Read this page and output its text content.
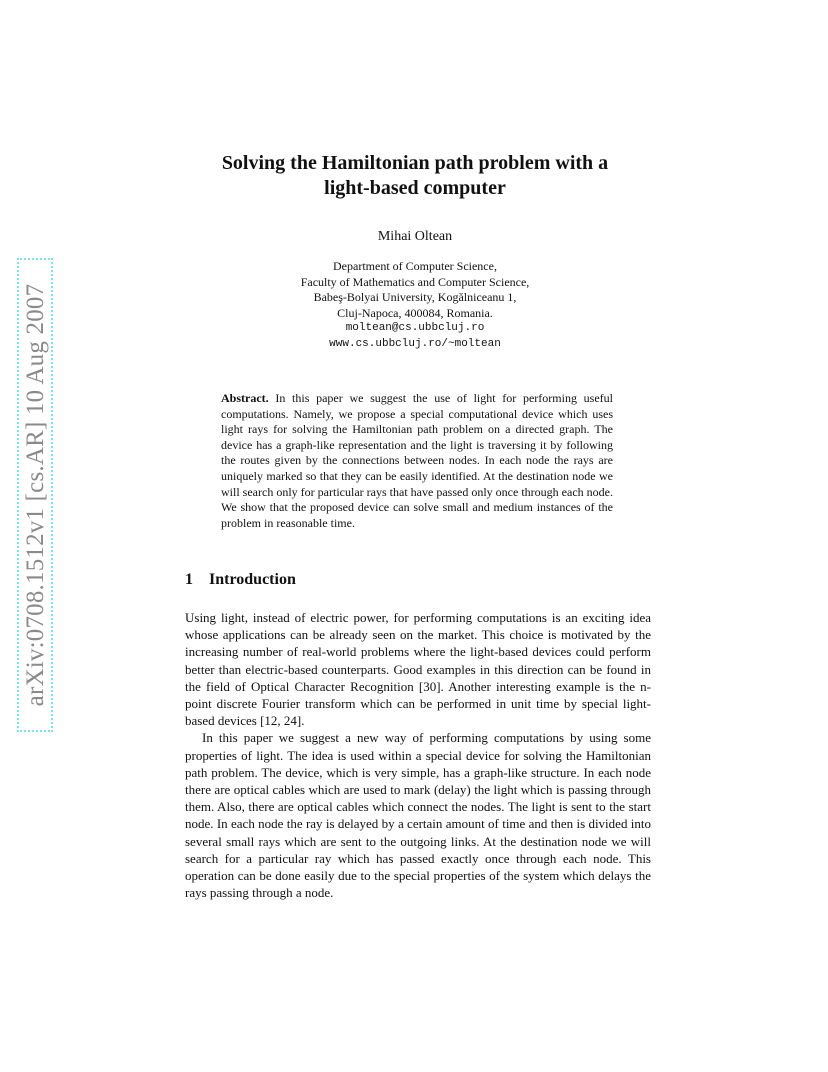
arXiv:0708.1512v1 [cs.AR] 10 Aug 2007
Solving the Hamiltonian path problem with a
light-based computer
Mihai Oltean
Department of Computer Science,
Faculty of Mathematics and Computer Science,
Babeş-Bolyai University, Kogălniceanu 1,
Cluj-Napoca, 400084, Romania.
moltean@cs.ubbcluj.ro
www.cs.ubbcluj.ro/~moltean
Abstract. In this paper we suggest the use of light for performing useful computations. Namely, we propose a special computational device which uses light rays for solving the Hamiltonian path problem on a directed graph. The device has a graph-like representation and the light is traversing it by following the routes given by the connections between nodes. In each node the rays are uniquely marked so that they can be easily identified. At the destination node we will search only for particular rays that have passed only once through each node. We show that the proposed device can solve small and medium instances of the problem in reasonable time.
1 Introduction

Using light, instead of electric power, for performing computations is an exciting idea whose applications can be already seen on the market. This choice is motivated by the increasing number of real-world problems where the light-based devices could perform better than electric-based counterparts. Good examples in this direction can be found in the field of Optical Character Recognition [30]. Another interesting example is the n-point discrete Fourier transform which can be performed in unit time by special light-based devices [12, 24].

In this paper we suggest a new way of performing computations by using some properties of light. The idea is used within a special device for solving the Hamiltonian path problem. The device, which is very simple, has a graph-like structure. In each node there are optical cables which are used to mark (delay) the light which is passing through them. Also, there are optical cables which connect the nodes. The light is sent to the start node. In each node the ray is delayed by a certain amount of time and then is divided into several small rays which are sent to the outgoing links. At the destination node we will search for a particular ray which has passed exactly once through each node. This operation can be done easily due to the special properties of the system which delays the rays passing through a node.
